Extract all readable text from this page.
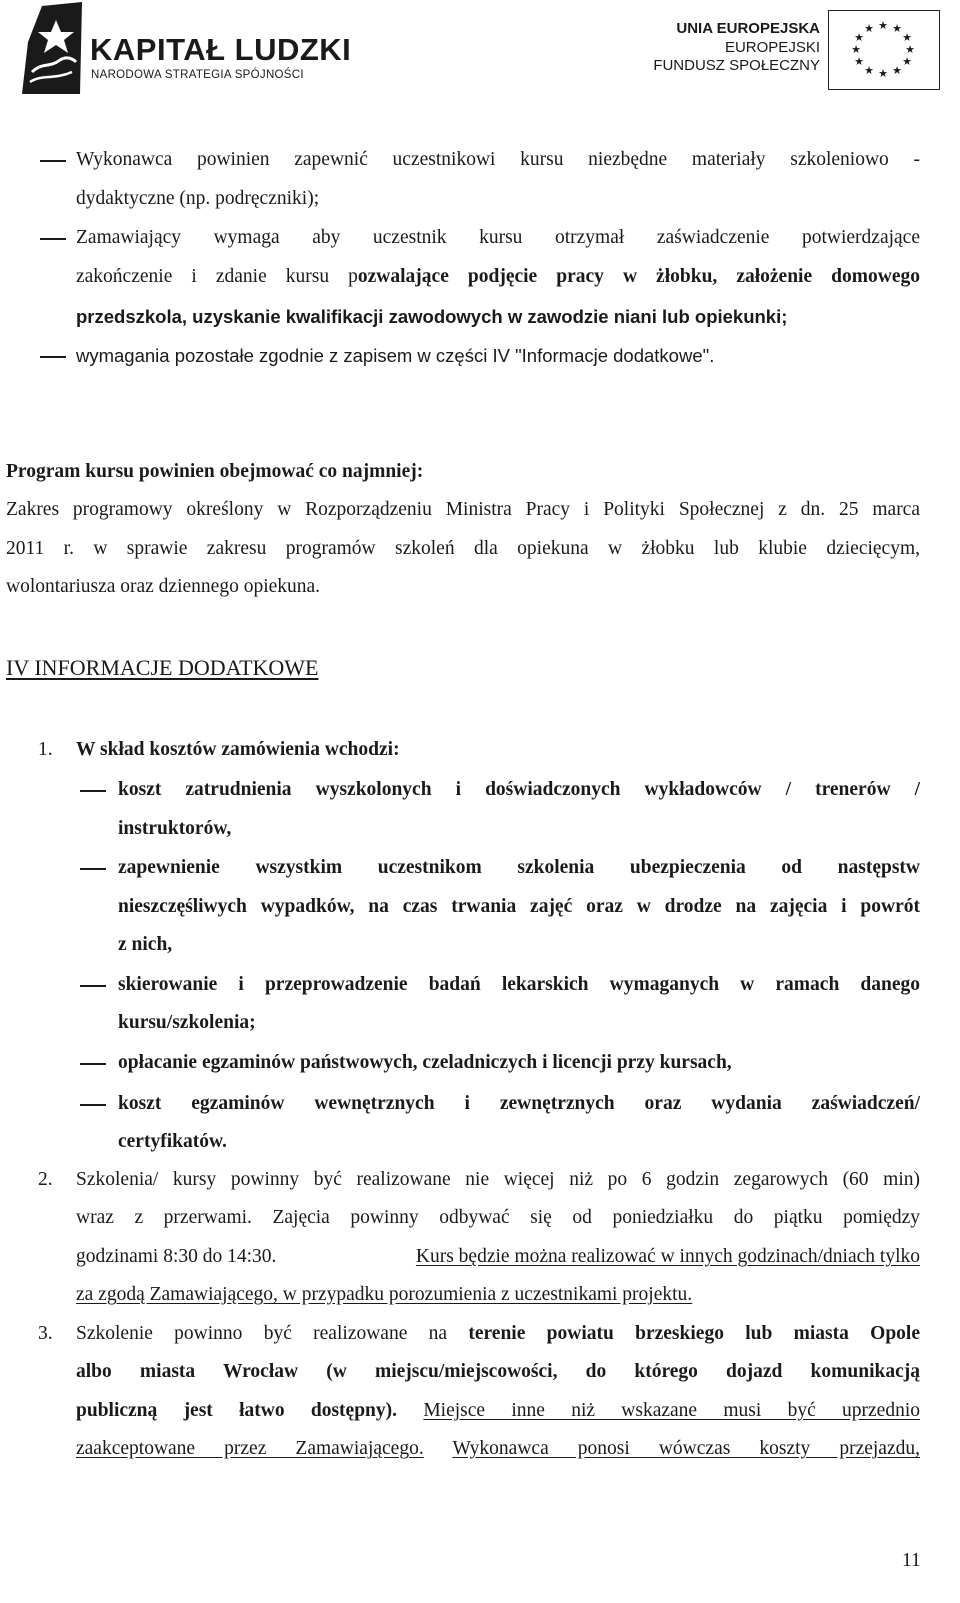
KAPITAŁ LUDZKI
NARODOWA STRATEGIA SPÓJNOŚCI
UNIA EUROPEJSKA
EUROPEJSKI
FUNDUSZ SPOŁECZNY
★ ★
★
★
★
★
★
★
★
★
★
★
Wykonawca powinien zapewnić uczestnikowi kursu niezbędne materiały szkoleniowo -
dydaktyczne (np. podręczniki);
Zamawiający wymaga aby uczestnik kursu otrzymał zaświadczenie potwierdzające
zakończenie i zdanie kursu pozwalające podjęcie pracy w żłobku, założenie domowego
przedszkola, uzyskanie kwalifikacji zawodowych w zawodzie niani lub opiekunki;
wymagania pozostałe zgodnie z zapisem w części IV "Informacje dodatkowe".
Program kursu powinien obejmować co najmniej:
Zakres programowy określony w Rozporządzeniu Ministra Pracy i Polityki Społecznej z dn. 25 marca
2011 r. w sprawie zakresu programów szkoleń dla opiekuna w żłobku lub klubie dziecięcym,
wolontariusza oraz dziennego opiekuna.
IV INFORMACJE DODATKOWE
1. W skład kosztów zamówienia wchodzi:
koszt zatrudnienia wyszkolonych i doświadczonych wykładowców / trenerów /
instruktorów,
zapewnienie wszystkim uczestnikom szkolenia ubezpieczenia od następstw
nieszczęśliwych wypadków, na czas trwania zajęć oraz w drodze na zajęcia i powrót
z nich,
skierowanie i przeprowadzenie badań lekarskich wymaganych w ramach danego
kursu/szkolenia;
opłacanie egzaminów państwowych, czeladniczych i licencji przy kursach,
koszt egzaminów wewnętrznych i zewnętrznych oraz wydania zaświadczeń/
certyfikatów.
2. Szkolenia/ kursy powinny być realizowane nie więcej niż po 6 godzin zegarowych (60 min)
wraz z przerwami. Zajęcia powinny odbywać się od poniedziałku do piątku pomiędzy
godzinami 8:30 do 14:30.	Kurs będzie można realizować w innych godzinach/dniach tylko
za zgodą Zamawiającego, w przypadku porozumienia z uczestnikami projektu.
3. Szkolenie powinno być realizowane na terenie powiatu brzeskiego lub miasta Opole
albo miasta Wrocław (w miejscu/miejscowości, do którego dojazd komunikacją
publiczną jest łatwo dostępny). Miejsce inne niż wskazane musi być uprzednio
zaakceptowane przez Zamawiającego. Wykonawca ponosi wówczas koszty przejazdu,
11
